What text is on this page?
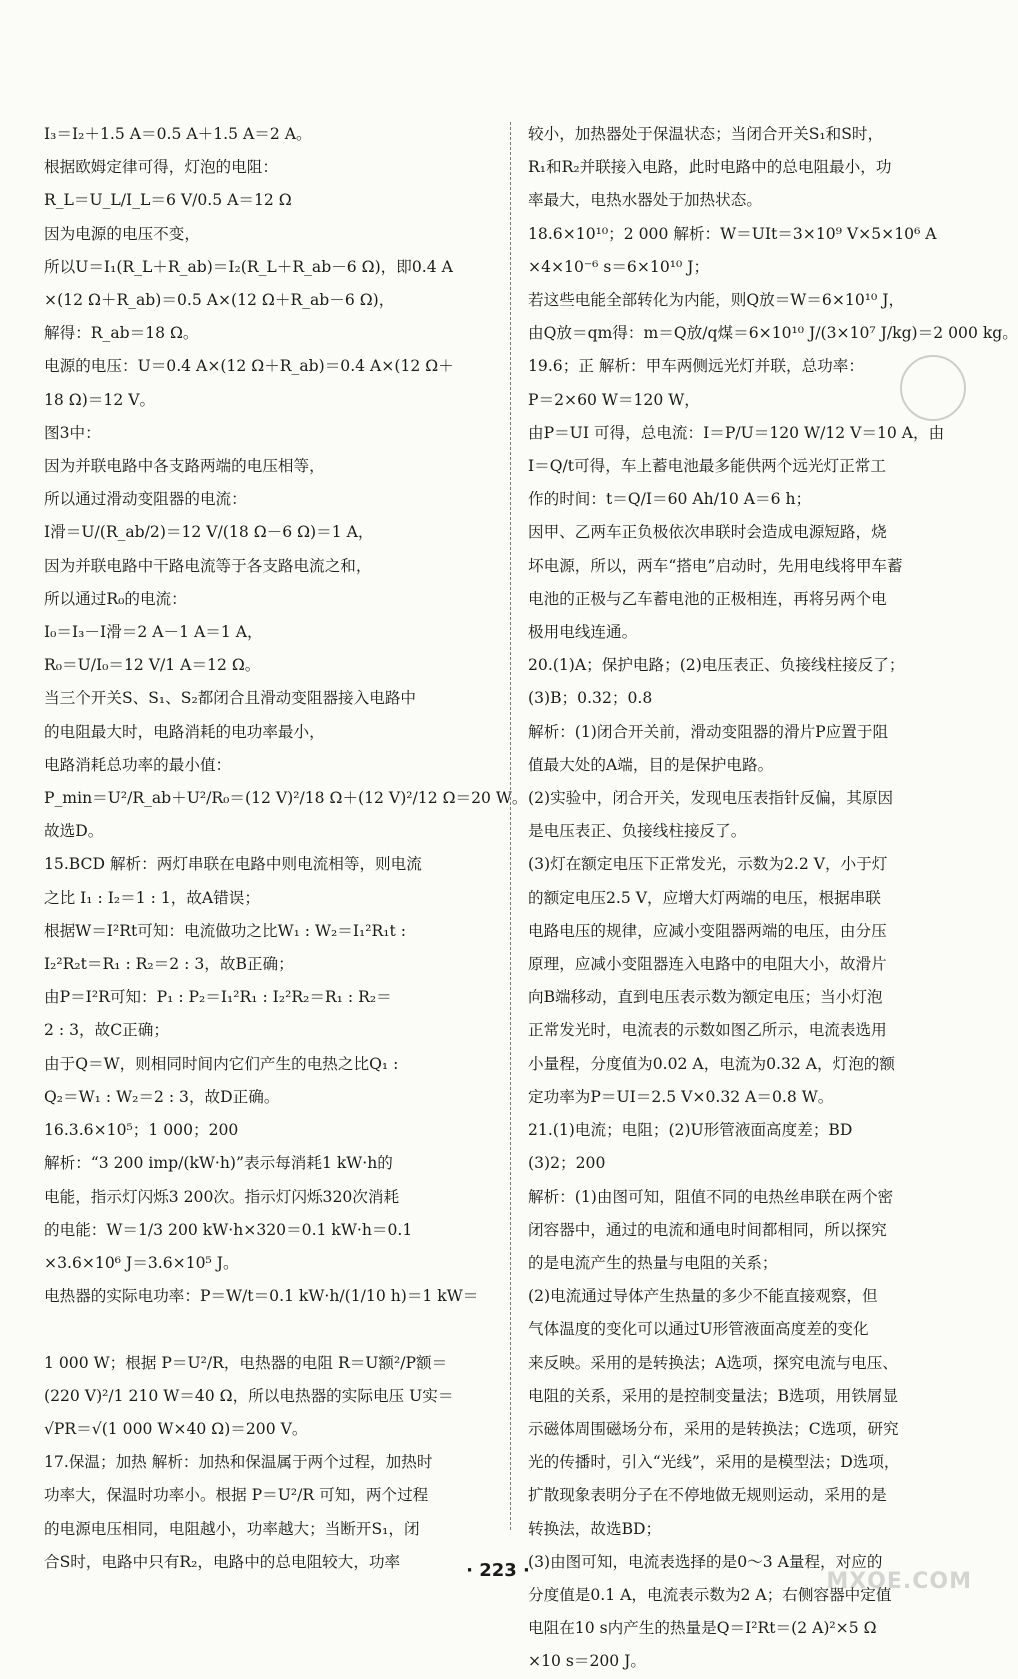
I₃＝I₂＋1.5 A＝0.5 A＋1.5 A＝2 A。
根据欧姆定律可得，灯泡的电阻：
R_L＝U_L/I_L＝6 V/0.5 A＝12 Ω
因为电源的电压不变，
所以U＝I₁(R_L＋R_ab)＝I₂(R_L＋R_ab－6 Ω)，即0.4 A
×(12 Ω＋R_ab)＝0.5 A×(12 Ω＋R_ab－6 Ω)，
解得：R_ab＝18 Ω。
电源的电压：U＝0.4 A×(12 Ω＋R_ab)＝0.4 A×(12 Ω＋
18 Ω)＝12 V。
图3中：
因为并联电路中各支路两端的电压相等，
所以通过滑动变阻器的电流：
I滑＝U/(R_ab/2)＝12 V/(18 Ω－6 Ω)＝1 A，
因为并联电路中干路电流等于各支路电流之和，
所以通过R₀的电流：
I₀＝I₃－I滑＝2 A－1 A＝1 A，
R₀＝U/I₀＝12 V/1 A＝12 Ω。
当三个开关S、S₁、S₂都闭合且滑动变阻器接入电路中
的电阻最大时，电路消耗的电功率最小，
电路消耗总功率的最小值：
P_min＝U²/R_ab＋U²/R₀＝(12 V)²/18 Ω＋(12 V)²/12 Ω＝20 W。
故选D。
15.BCD 解析：两灯串联在电路中则电流相等，则电流
之比 I₁ : I₂＝1 : 1，故A错误；
根据W＝I²Rt可知：电流做功之比W₁ : W₂＝I₁²R₁t :
I₂²R₂t＝R₁ : R₂＝2 : 3，故B正确；
由P＝I²R可知：P₁ : P₂＝I₁²R₁ : I₂²R₂＝R₁ : R₂＝
2 : 3，故C正确；
由于Q＝W，则相同时间内它们产生的电热之比Q₁ :
Q₂＝W₁ : W₂＝2 : 3，故D正确。
16.3.6×10⁵；1 000；200
解析：“3 200 imp/(kW·h)”表示每消耗1 kW·h的
电能，指示灯闪烁3 200次。指示灯闪烁320次消耗
的电能：W＝1/3 200 kW·h×320＝0.1 kW·h＝0.1
×3.6×10⁶ J＝3.6×10⁵ J。
电热器的实际电功率：P＝W/t＝0.1 kW·h/(1/10 h)＝1 kW＝

1 000 W；根据 P＝U²/R，电热器的电阻 R＝U额²/P额＝
(220 V)²/1 210 W＝40 Ω，所以电热器的实际电压 U实＝
√PR＝√(1 000 W×40 Ω)＝200 V。
17.保温；加热 解析：加热和保温属于两个过程，加热时
功率大，保温时功率小。根据 P＝U²/R 可知，两个过程
的电源电压相同，电阻越小，功率越大；当断开S₁，闭
合S时，电路中只有R₂，电路中的总电阻较大，功率
较小，加热器处于保温状态；当闭合开关S₁和S时，
R₁和R₂并联接入电路，此时电路中的总电阻最小，功
率最大，电热水器处于加热状态。
18.6×10¹⁰；2 000 解析：W＝UIt＝3×10⁹ V×5×10⁶ A
×4×10⁻⁶ s＝6×10¹⁰ J；
若这些电能全部转化为内能，则Q放＝W＝6×10¹⁰ J，
由Q放＝qm得：m＝Q放/q煤＝6×10¹⁰ J/(3×10⁷ J/kg)＝2 000 kg。
19.6；正 解析：甲车两侧远光灯并联，总功率：
P＝2×60 W＝120 W，
由P＝UI 可得，总电流：I＝P/U＝120 W/12 V＝10 A，由
I＝Q/t可得，车上蓄电池最多能供两个远光灯正常工
作的时间：t＝Q/I＝60 Ah/10 A＝6 h；
因甲、乙两车正负极依次串联时会造成电源短路，烧
坏电源，所以，两车“搭电”启动时，先用电线将甲车蓄
电池的正极与乙车蓄电池的正极相连，再将另两个电
极用电线连通。
20.(1)A；保护电路；(2)电压表正、负接线柱接反了；
(3)B；0.32；0.8
解析：(1)闭合开关前，滑动变阻器的滑片P应置于阻
值最大处的A端，目的是保护电路。
(2)实验中，闭合开关，发现电压表指针反偏，其原因
是电压表正、负接线柱接反了。
(3)灯在额定电压下正常发光，示数为2.2 V，小于灯
的额定电压2.5 V，应增大灯两端的电压，根据串联
电路电压的规律，应减小变阻器两端的电压，由分压
原理，应减小变阻器连入电路中的电阻大小，故滑片
向B端移动，直到电压表示数为额定电压；当小灯泡
正常发光时，电流表的示数如图乙所示，电流表选用
小量程，分度值为0.02 A，电流为0.32 A，灯泡的额
定功率为P＝UI＝2.5 V×0.32 A＝0.8 W。
21.(1)电流；电阻；(2)U形管液面高度差；BD
(3)2；200
解析：(1)由图可知，阻值不同的电热丝串联在两个密
闭容器中，通过的电流和通电时间都相同，所以探究
的是电流产生的热量与电阻的关系；
(2)电流通过导体产生热量的多少不能直接观察，但
气体温度的变化可以通过U形管液面高度差的变化
来反映。采用的是转换法；A选项，探究电流与电压、
电阻的关系，采用的是控制变量法；B选项，用铁屑显
示磁体周围磁场分布，采用的是转换法；C选项，研究
光的传播时，引入“光线”，采用的是模型法；D选项，
扩散现象表明分子在不停地做无规则运动，采用的是
转换法，故选BD；
(3)由图可知，电流表选择的是0～3 A量程，对应的
分度值是0.1 A，电流表示数为2 A；右侧容器中定值
电阻在10 s内产生的热量是Q＝I²Rt＝(2 A)²×5 Ω
×10 s＝200 J。
· 223 ·	MXQE.COM
